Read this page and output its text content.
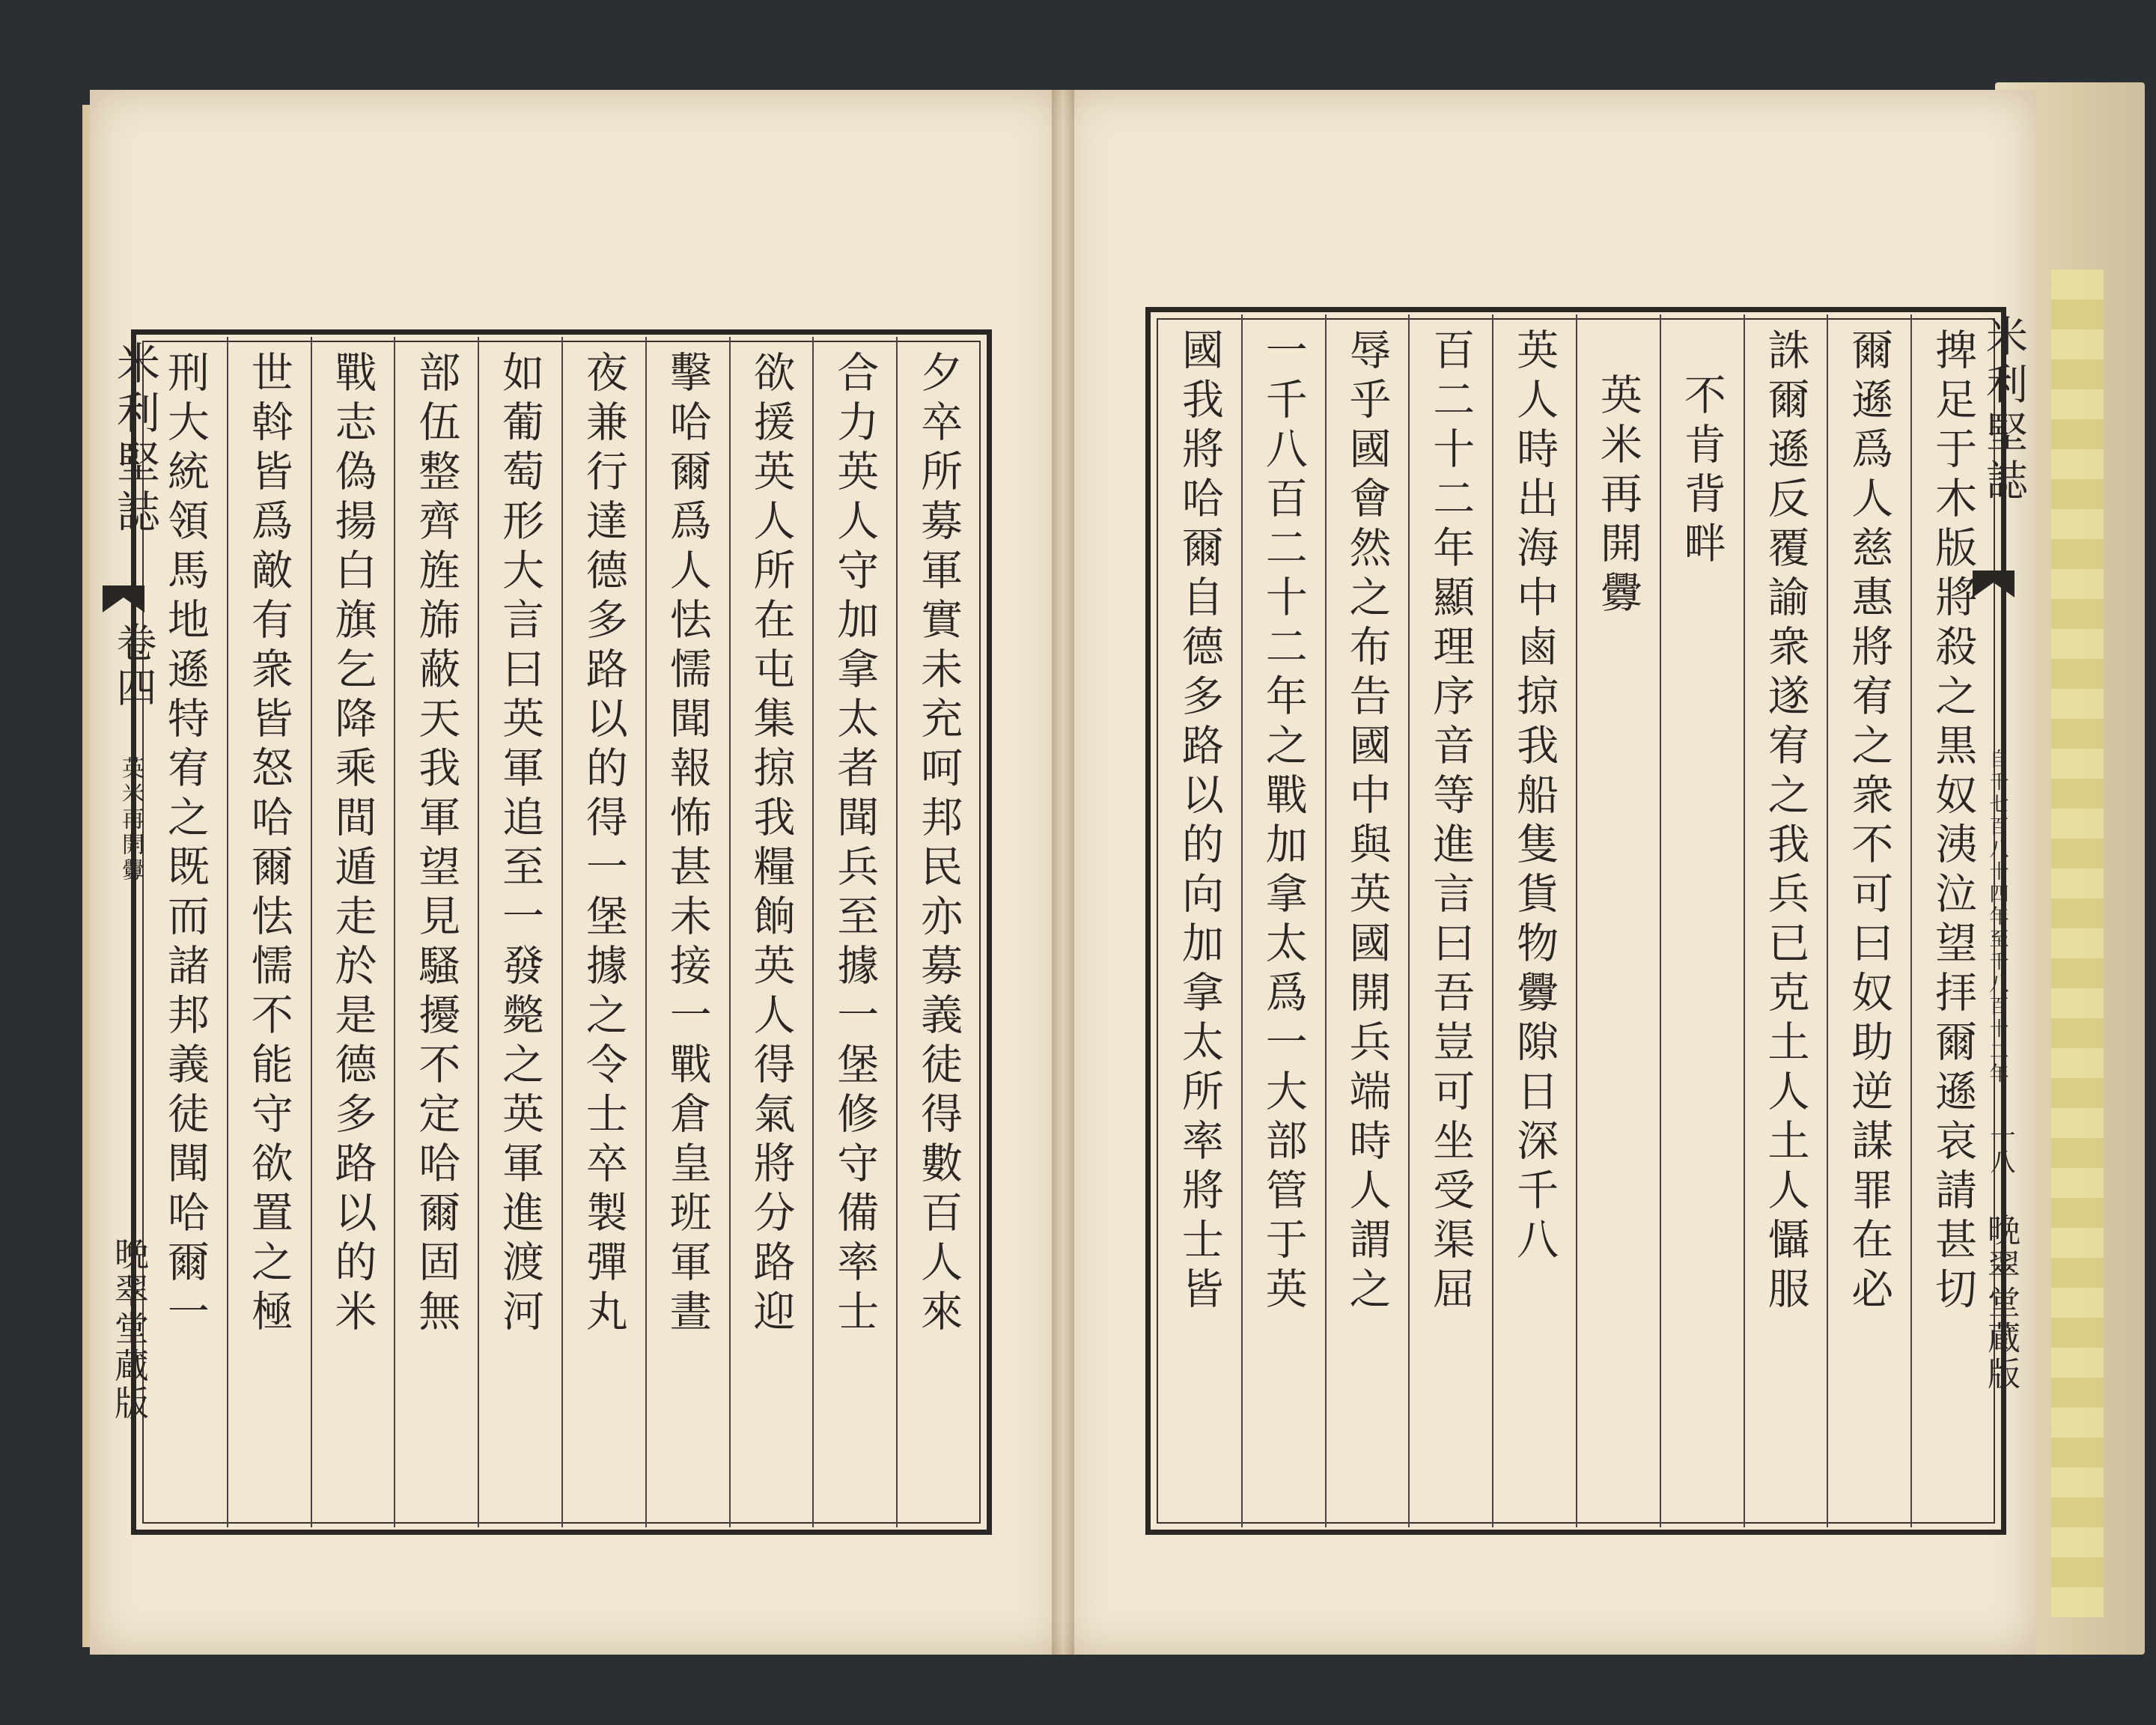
米利堅誌
卷四
英米再開釁
晩翠堂蔵版 刑大統領馬地遜特宥之既而諸邦義徒聞哈爾一 世斡皆爲敵有衆皆怒哈爾怯懦不能守欲置之極 戰志偽揚白旗乞降乘間遁走於是德多路以的米 部伍整齊旌旆蔽天我軍望見騷擾不定哈爾固無 如葡萄形大言曰英軍追至一發斃之英軍進渡河 夜兼行達德多路以的得一堡據之令士卒製彈丸 擊哈爾爲人怯懦聞報怖甚未接一戰倉皇班軍晝 欲援英人所在屯集掠我糧餉英人得氣將分路迎 合力英人守加拿太者聞兵至據一堡修守備率士 夕卒所募軍實未充呵邦民亦募義徒得數百人來	米利堅誌
自千七百八十四年至千八百十二年
十八
晩翠堂蔵版
捭足于木版將殺之黒奴洟泣望拝爾遜哀請甚切
爾遜爲人慈惠將宥之衆不可曰奴助逆謀罪在必
誅爾遜反覆諭衆遂宥之我兵已克土人土人懾服
不肯背畔
英米再開釁
英人時出海中鹵掠我船隻貨物釁隙日深千八
百二十二年顯理序音等進言曰吾豈可坐受渠屈
辱乎國會然之布告國中與英國開兵端時人謂之
一千八百二十二年之戰加拿太爲一大部管于英
國我將哈爾自德多路以的向加拿太所率將士皆
